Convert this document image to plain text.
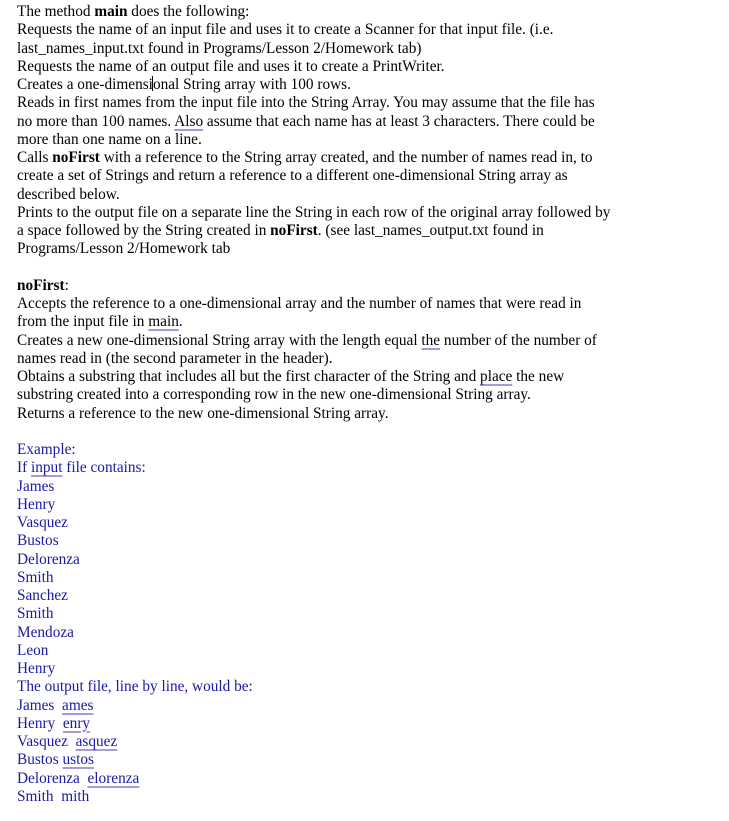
The method main does the following:
Requests the name of an input file and uses it to create a Scanner for that input file. (i.e.
last_names_input.txt found in Programs/Lesson 2/Homework tab)
Requests the name of an output file and uses it to create a PrintWriter.
Creates a one-dimensional String array with 100 rows.
Reads in first names from the input file into the String Array. You may assume that the file has
no more than 100 names. Also assume that each name has at least 3 characters. There could be
more than one name on a line.
Calls noFirst with a reference to the String array created, and the number of names read in, to
create a set of Strings and return a reference to a different one-dimensional String array as
described below.
Prints to the output file on a separate line the String in each row of the original array followed by
a space followed by the String created in noFirst. (see last_names_output.txt found in
Programs/Lesson 2/Homework tab
noFirst:
Accepts the reference to a one-dimensional array and the number of names that were read in
from the input file in main.
Creates a new one-dimensional String array with the length equal the number of the number of
names read in (the second parameter in the header).
Obtains a substring that includes all but the first character of the String and place the new
substring created into a corresponding row in the new one-dimensional String array.
Returns a reference to the new one-dimensional String array.
Example:
If input file contains:
James
Henry
Vasquez
Bustos
Delorenza
Smith
Sanchez
Smith
Mendoza
Leon
Henry
The output file, line by line, would be:
James ames
Henry enry
Vasquez asquez
Bustos ustos
Delorenza elorenza
Smith mith
